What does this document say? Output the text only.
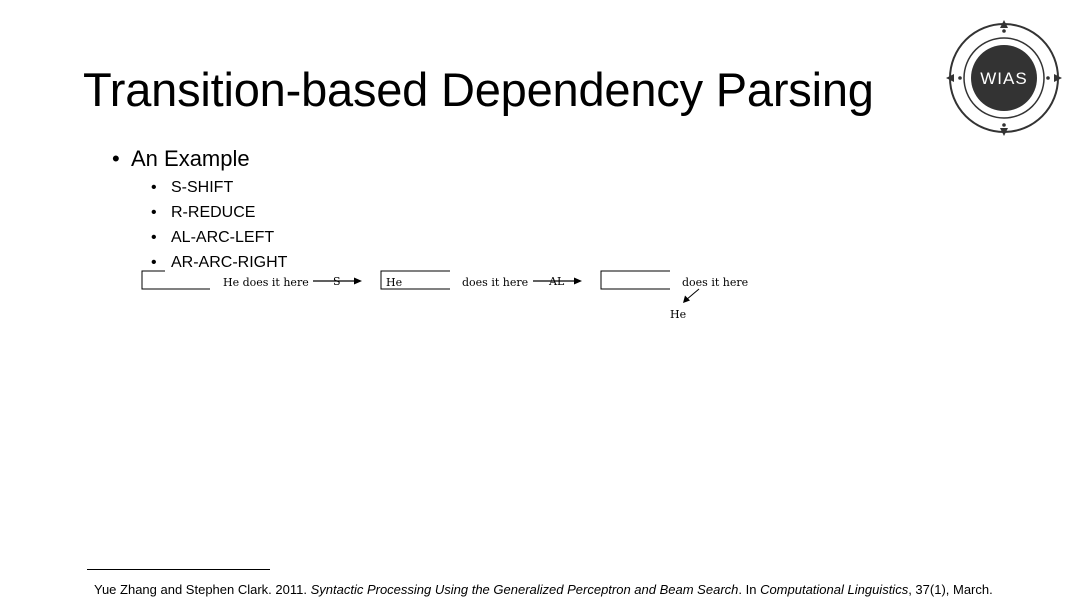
Transition-based Dependency Parsing	WIAS
• An Example
• S-SHIFT
• R-REDUCE
• AL-ARC-LEFT
• AR-ARC-RIGHT
He does it here S	He	does it here AL	does it here
He
Yue Zhang and Stephen Clark. 2011. Syntactic Processing Using the Generalized Perceptron and Beam Search. In Computational Linguistics, 37(1), March.
